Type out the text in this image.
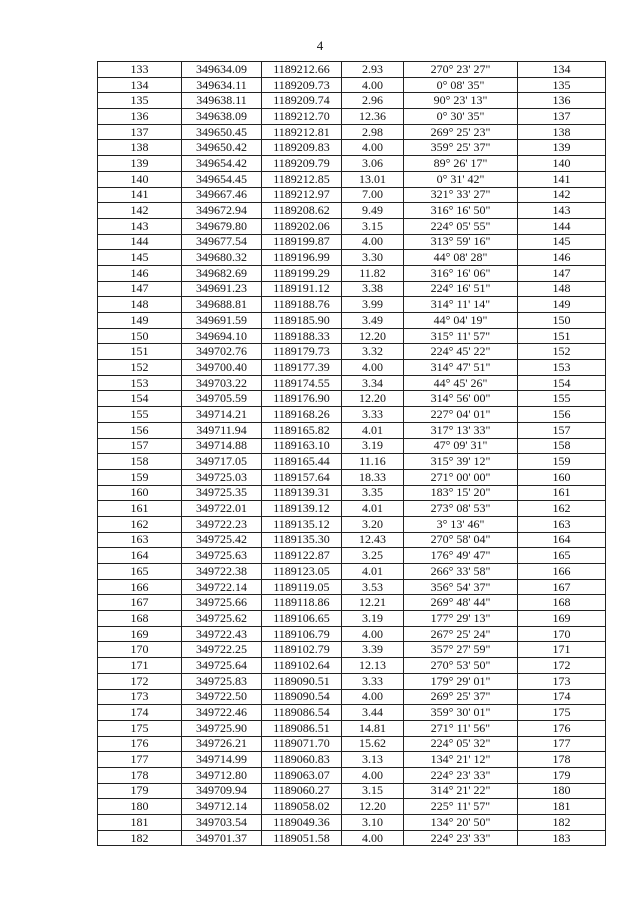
4
133	349634.09	1189212.66	2.93	270° 23' 27"	134
134	349634.11	1189209.73	4.00	0° 08' 35"	135
135	349638.11	1189209.74	2.96	90° 23' 13"	136
136	349638.09	1189212.70	12.36	0° 30' 35"	137
137	349650.45	1189212.81	2.98	269° 25' 23"	138
138	349650.42	1189209.83	4.00	359° 25' 37"	139
139	349654.42	1189209.79	3.06	89° 26' 17"	140
140	349654.45	1189212.85	13.01	0° 31' 42"	141
141	349667.46	1189212.97	7.00	321° 33' 27"	142
142	349672.94	1189208.62	9.49	316° 16' 50"	143
143	349679.80	1189202.06	3.15	224° 05' 55"	144
144	349677.54	1189199.87	4.00	313° 59' 16"	145
145	349680.32	1189196.99	3.30	44° 08' 28"	146
146	349682.69	1189199.29	11.82	316° 16' 06"	147
147	349691.23	1189191.12	3.38	224° 16' 51"	148
148	349688.81	1189188.76	3.99	314° 11' 14"	149
149	349691.59	1189185.90	3.49	44° 04' 19"	150
150	349694.10	1189188.33	12.20	315° 11' 57"	151
151	349702.76	1189179.73	3.32	224° 45' 22"	152
152	349700.40	1189177.39	4.00	314° 47' 51"	153
153	349703.22	1189174.55	3.34	44° 45' 26"	154
154	349705.59	1189176.90	12.20	314° 56' 00"	155
155	349714.21	1189168.26	3.33	227° 04' 01"	156
156	349711.94	1189165.82	4.01	317° 13' 33"	157
157	349714.88	1189163.10	3.19	47° 09' 31"	158
158	349717.05	1189165.44	11.16	315° 39' 12"	159
159	349725.03	1189157.64	18.33	271° 00' 00"	160
160	349725.35	1189139.31	3.35	183° 15' 20"	161
161	349722.01	1189139.12	4.01	273° 08' 53"	162
162	349722.23	1189135.12	3.20	3° 13' 46"	163
163	349725.42	1189135.30	12.43	270° 58' 04"	164
164	349725.63	1189122.87	3.25	176° 49' 47"	165
165	349722.38	1189123.05	4.01	266° 33' 58"	166
166	349722.14	1189119.05	3.53	356° 54' 37"	167
167	349725.66	1189118.86	12.21	269° 48' 44"	168
168	349725.62	1189106.65	3.19	177° 29' 13"	169
169	349722.43	1189106.79	4.00	267° 25' 24"	170
170	349722.25	1189102.79	3.39	357° 27' 59"	171
171	349725.64	1189102.64	12.13	270° 53' 50"	172
172	349725.83	1189090.51	3.33	179° 29' 01"	173
173	349722.50	1189090.54	4.00	269° 25' 37"	174
174	349722.46	1189086.54	3.44	359° 30' 01"	175
175	349725.90	1189086.51	14.81	271° 11' 56"	176
176	349726.21	1189071.70	15.62	224° 05' 32"	177
177	349714.99	1189060.83	3.13	134° 21' 12"	178
178	349712.80	1189063.07	4.00	224° 23' 33"	179
179	349709.94	1189060.27	3.15	314° 21' 22"	180
180	349712.14	1189058.02	12.20	225° 11' 57"	181
181	349703.54	1189049.36	3.10	134° 20' 50"	182
182	349701.37	1189051.58	4.00	224° 23' 33"	183
